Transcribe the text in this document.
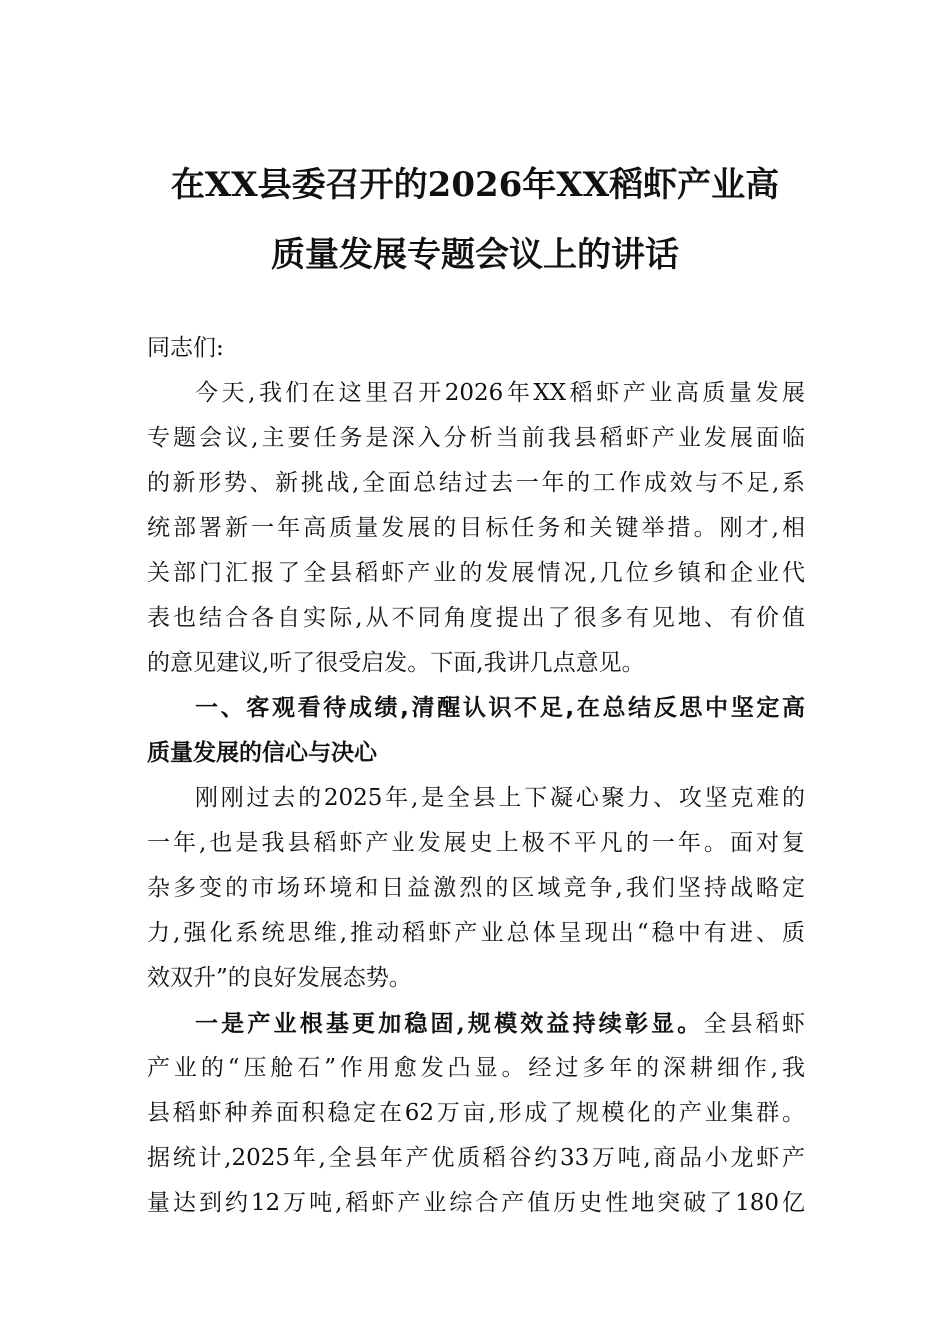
在XX县委召开的2026年XX稻虾产业高
质量发展专题会议上的讲话
同志们:
今天,我们在这里召开2026年XX稻虾产业高质量发展
专题会议,主要任务是深入分析当前我县稻虾产业发展面临
的新形势、新挑战,全面总结过去一年的工作成效与不足,系
统部署新一年高质量发展的目标任务和关键举措。刚才,相
关部门汇报了全县稻虾产业的发展情况,几位乡镇和企业代
表也结合各自实际,从不同角度提出了很多有见地、有价值
的意见建议,听了很受启发。下面,我讲几点意见。
一、客观看待成绩,清醒认识不足,在总结反思中坚定高
质量发展的信心与决心
刚刚过去的2025年,是全县上下凝心聚力、攻坚克难的
一年,也是我县稻虾产业发展史上极不平凡的一年。面对复
杂多变的市场环境和日益激烈的区域竞争,我们坚持战略定
力,强化系统思维,推动稻虾产业总体呈现出“稳中有进、质
效双升”的良好发展态势。
一是产业根基更加稳固,规模效益持续彰显。全县稻虾
产业的“压舱石”作用愈发凸显。经过多年的深耕细作,我
县稻虾种养面积稳定在62万亩,形成了规模化的产业集群。
据统计,2025年,全县年产优质稻谷约33万吨,商品小龙虾产
量达到约12万吨,稻虾产业综合产值历史性地突破了180亿
